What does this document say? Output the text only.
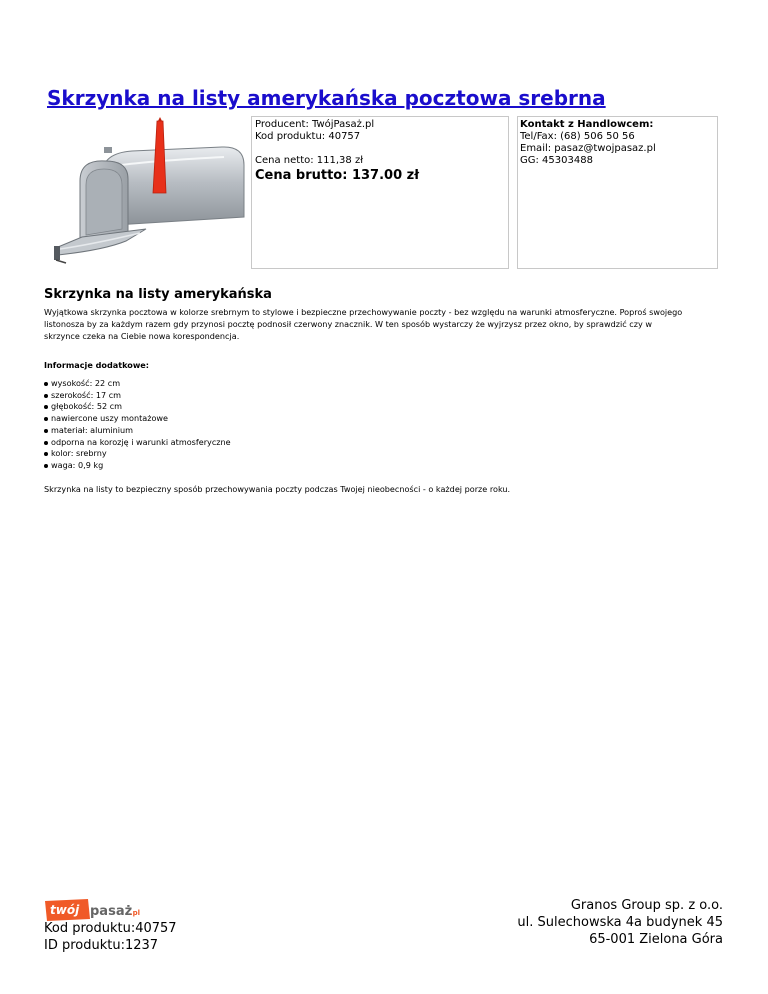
Skrzynka na listy amerykańska pocztowa srebrna
Producent: TwójPasaż.pl
Kod produktu: 40757
Cena netto: 111,38 zł
Cena brutto: 137.00 zł
Kontakt z Handlowcem:
Tel/Fax: (68) 506 50 56
Email: pasaz@twojpasaz.pl
GG: 45303488
Skrzynka na listy amerykańska

Wyjątkowa skrzynka pocztowa w kolorze srebrnym to stylowe i bezpieczne przechowywanie poczty - bez względu na warunki atmosferyczne. Poproś swojego listonosza by za każdym razem gdy przynosi pocztę podnosił czerwony znacznik. W ten sposób wystarczy że wyjrzysz przez okno, by sprawdzić czy w skrzynce czeka na Ciebie nowa korespondencja.

Informacje dodatkowe:

wysokość: 22 cm
szerokość: 17 cm
głębokość: 52 cm
nawiercone uszy montażowe
materiał: aluminium
odporna na korozję i warunki atmosferyczne
kolor: srebrny
waga: 0,9 kg

Skrzynka na listy to bezpieczny sposób przechowywania poczty podczas Twojej nieobecności - o każdej porze roku.

twój pasaż
.pl
Kod produktu:40757
ID produktu:1237
Granos Group sp. z o.o.
ul. Sulechowska 4a budynek 45
65-001 Zielona Góra
